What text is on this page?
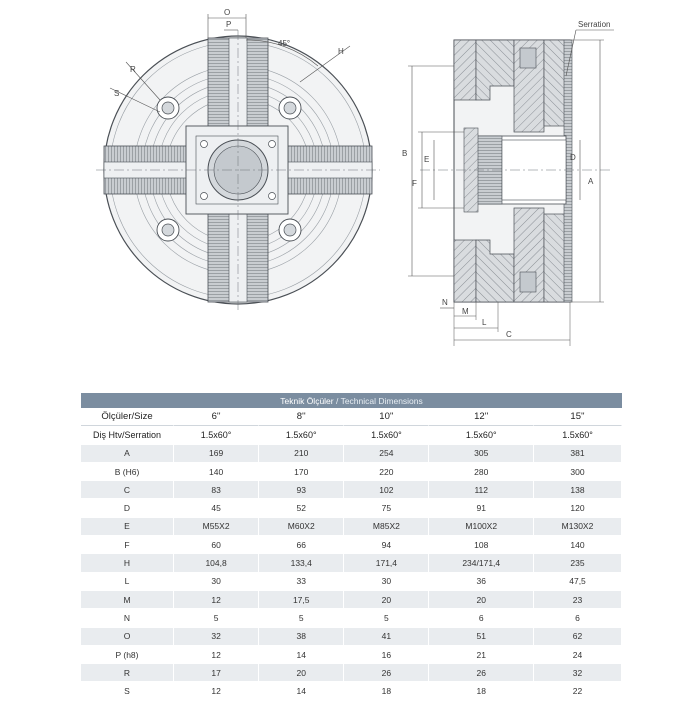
O
P
45°
H
R
S
Serration
A
D
B
F
E
C
L
M
N
Teknik Ölçüler / Technical Dimensions					
Ölçüler/Size	6''	8''	10''	12''	15''
Diş Htv/Serration	1.5x60°	1.5x60°	1.5x60°	1.5x60°	1.5x60°
A	169	210	254	305	381
B (H6)	140	170	220	280	300
C	83	93	102	112	138
D	45	52	75	91	120
E	M55X2	M60X2	M85X2	M100X2	M130X2
F	60	66	94	108	140
H	104,8	133,4	171,4	234/171,4	235
L	30	33	30	36	47,5
M	12	17,5	20	20	23
N	5	5	5	6	6
O	32	38	41	51	62
P (h8)	12	14	16	21	24
R	17	20	26	26	32
S	12	14	18	18	22
